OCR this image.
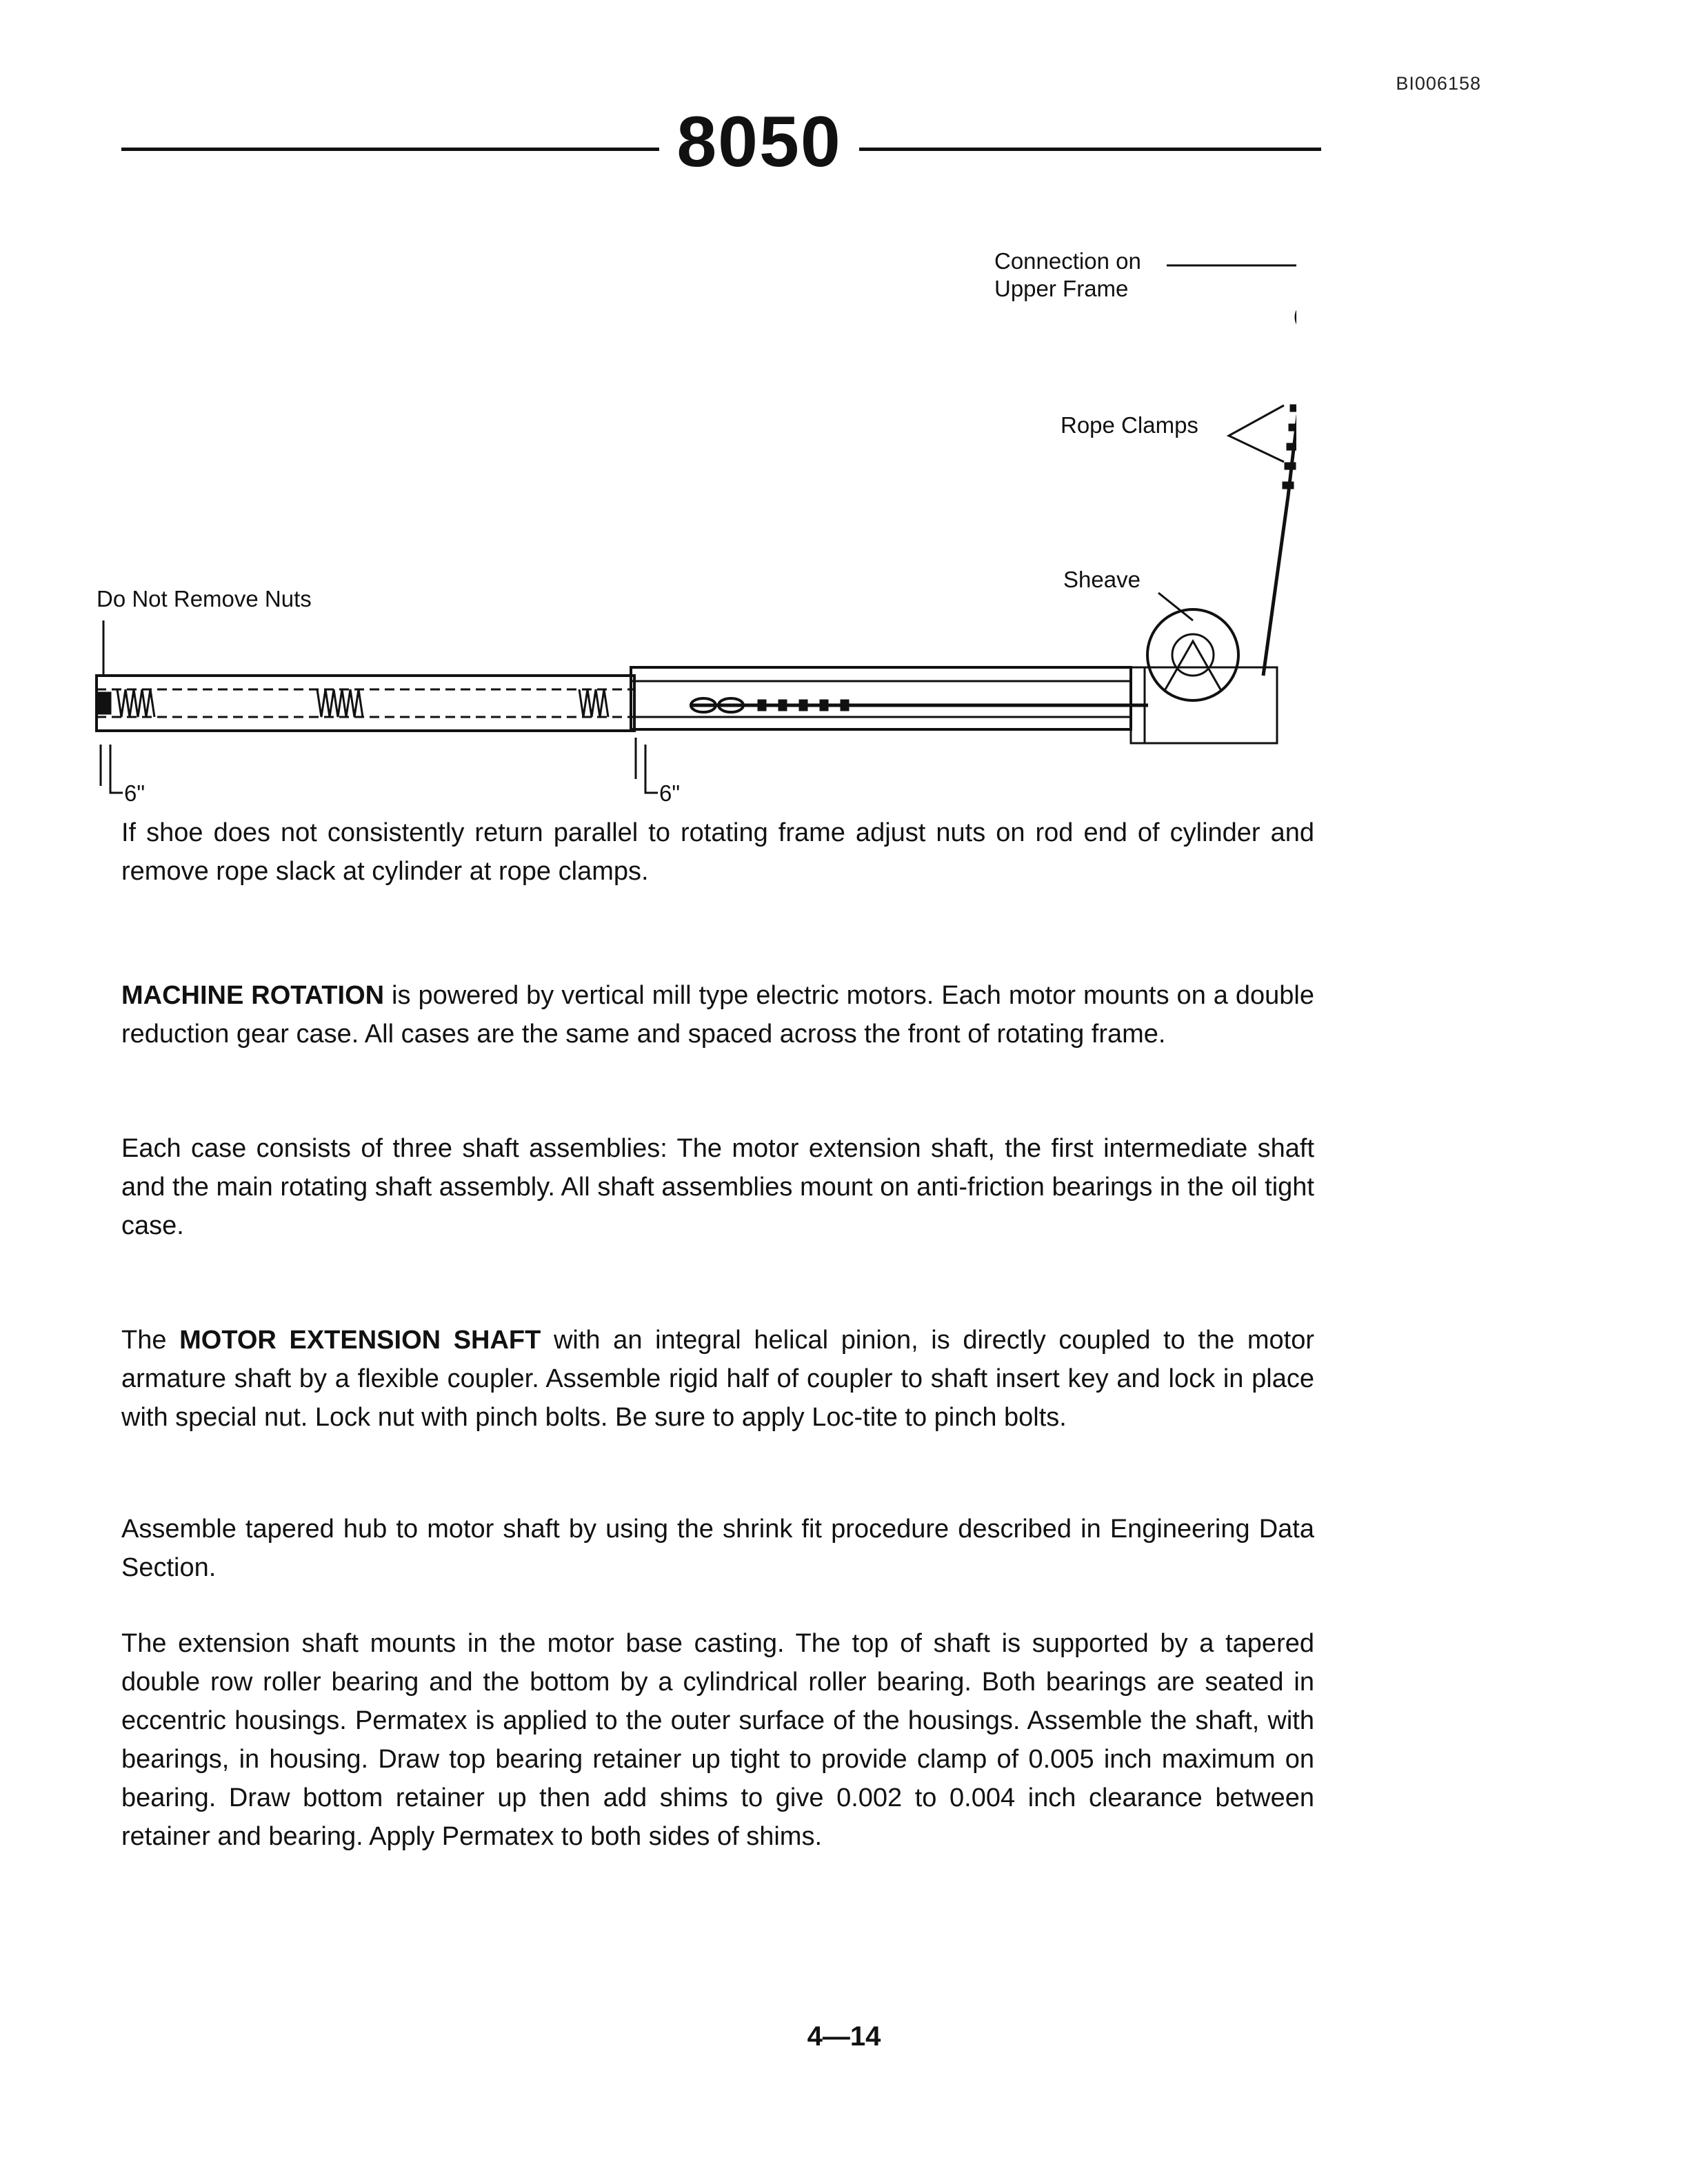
BI006158
8050
Connection on
Upper Frame
Rope Clamps
Sheave
Do Not Remove Nuts
6"	6"
If shoe does not consistently return parallel to rotating frame adjust nuts on rod end of cylinder and remove rope slack at cylinder at rope clamps.
MACHINE ROTATION is powered by vertical mill type electric motors. Each motor mounts on a double reduction gear case. All cases are the same and spaced across the front of rotating frame.
Each case consists of three shaft assemblies: The motor extension shaft, the first intermediate shaft and the main rotating shaft assembly. All shaft assemblies mount on anti-friction bearings in the oil tight case.
The MOTOR EXTENSION SHAFT with an integral helical pinion, is directly coupled to the motor armature shaft by a flexible coupler. Assemble rigid half of coupler to shaft insert key and lock in place with special nut. Lock nut with pinch bolts. Be sure to apply Loc-tite to pinch bolts.
Assemble tapered hub to motor shaft by using the shrink fit procedure described in Engineering Data Section.
The extension shaft mounts in the motor base casting. The top of shaft is supported by a tapered double row roller bearing and the bottom by a cylindrical roller bearing. Both bearings are seated in eccentric housings. Permatex is applied to the outer surface of the housings. Assemble the shaft, with bearings, in housing. Draw top bearing retainer up tight to provide clamp of 0.005 inch maximum on bearing. Draw bottom retainer up then add shims to give 0.002 to 0.004 inch clearance between retainer and bearing. Apply Permatex to both sides of shims.
4—14
